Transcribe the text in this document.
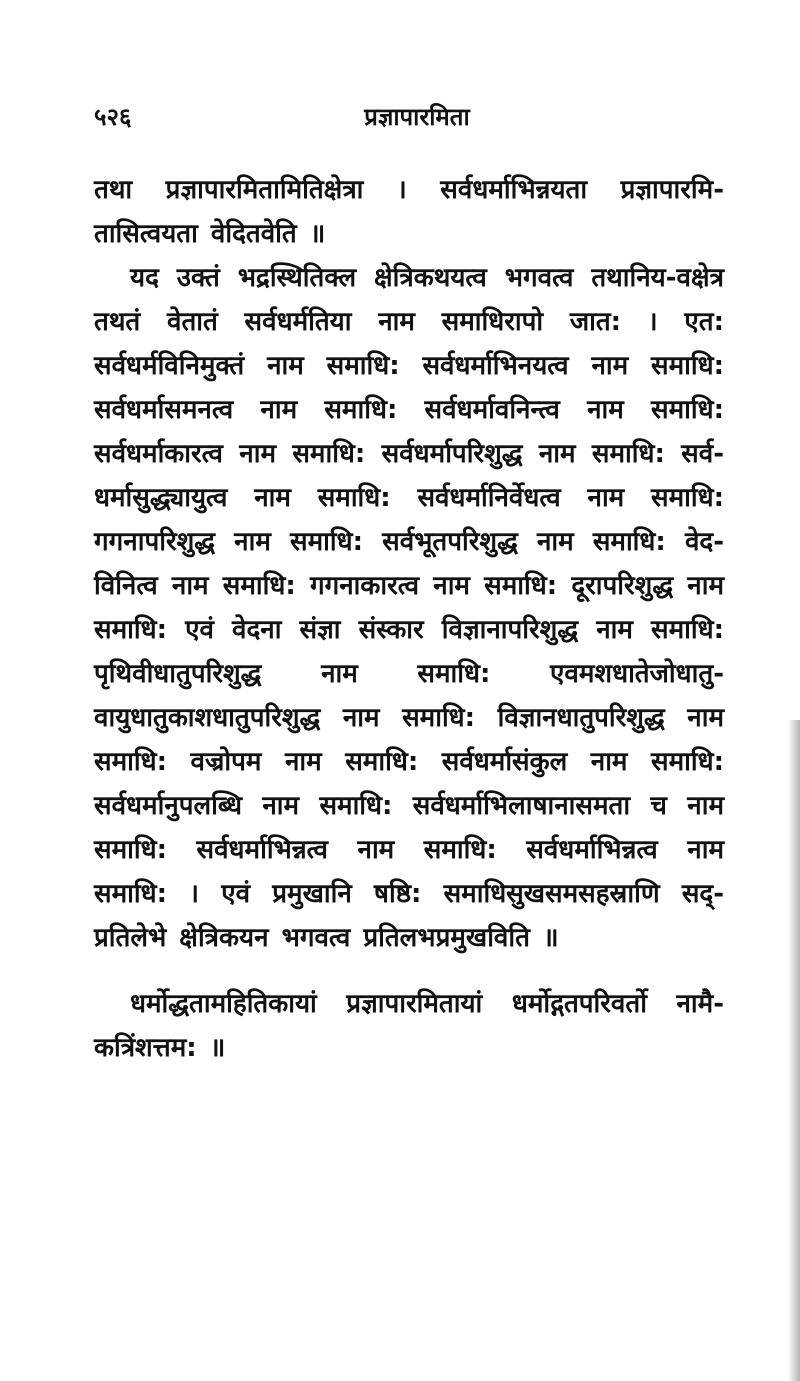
५२६	प्रज्ञापारमिता

तथा प्रज्ञापारमितामितिक्षेत्रा । सर्वधर्माभिन्नयता प्रज्ञापारमि-तासित्वयता वेदितवेति ॥

यद उक्तं भद्रस्थितिक्ल क्षेत्रिकथयत्व भगवत्व तथानिय-वक्षेत्र तथतं वेतातं सर्वधर्मतिया नाम समाधिरापो जात: । एत: सर्वधर्मविनिमुक्तं नाम समाधि: सर्वधर्माभिनयत्व नाम समाधि: सर्वधर्मासमनत्व नाम समाधि: सर्वधर्मावनिन्त्व नाम समाधि: सर्वधर्माकारत्व नाम समाधि: सर्वधर्मापरिशुद्ध नाम समाधि: सर्व-धर्मासुद्ध्यायुत्व नाम समाधि: सर्वधर्मानिर्वेधत्व नाम समाधि: गगनापरिशुद्ध नाम समाधि: सर्वभूतपरिशुद्ध नाम समाधि: वेद-विनित्व नाम समाधि: गगनाकारत्व नाम समाधि: दूरापरिशुद्ध नाम समाधि: एवं वेदना संज्ञा संस्कार विज्ञानापरिशुद्ध नाम समाधि: पृथिवीधातुपरिशुद्ध नाम समाधि: एवमशधातेजोधातु-वायुधातुकाशधातुपरिशुद्ध नाम समाधि: विज्ञानधातुपरिशुद्ध नाम समाधि: वज्रोपम नाम समाधि: सर्वधर्मासंकुल नाम समाधि: सर्वधर्मानुपलब्धि नाम समाधि: सर्वधर्माभिलाषानासमता च नाम समाधि: सर्वधर्माभिन्नत्व नाम समाधि: सर्वधर्माभिन्नत्व नाम समाधि: । एवं प्रमुखानि षष्ठि: समाधिसुखसमसहस्राणि सद्-प्रतिलेभे क्षेत्रिकयन भगवत्व प्रतिलभप्रमुखविति ॥

धर्मोद्धतामहितिकायां प्रज्ञापारमितायां धर्मोद्गतपरिवर्तो नामै-कत्रिंशत्तम: ॥
